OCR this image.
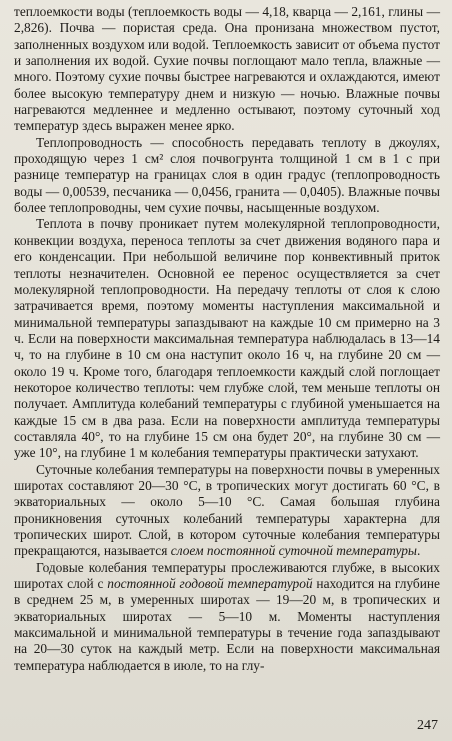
теплоемкости воды (теплоемкость воды — 4,18, кварца — 2,161, глины — 2,826). Почва — пористая среда. Она пронизана множеством пустот, заполненных воздухом или водой. Теплоемкость зависит от объема пустот и заполнения их водой. Сухие почвы поглощают мало тепла, влажные — много. Поэтому сухие почвы быстрее нагреваются и охлаждаются, имеют более высокую температуру днем и низкую — ночью. Влажные почвы нагреваются медленнее и медленно остывают, поэтому суточный ход температур здесь выражен менее ярко.

Теплопроводность — способность передавать теплоту в джоулях, проходящую через 1 см² слоя почвогрунта толщиной 1 см в 1 с при разнице температур на границах слоя в один градус (теплопроводность воды — 0,00539, песчаника — 0,0456, гранита — 0,0405). Влажные почвы более теплопроводны, чем сухие почвы, насыщенные воздухом.

Теплота в почву проникает путем молекулярной теплопроводности, конвекции воздуха, переноса теплоты за счет движения водяного пара и его конденсации. При небольшой величине пор конвективный приток теплоты незначителен. Основной ее перенос осуществляется за счет молекулярной теплопроводности. На передачу теплоты от слоя к слою затрачивается время, поэтому моменты наступления максимальной и минимальной температуры запаздывают на каждые 10 см примерно на 3 ч. Если на поверхности максимальная температура наблюдалась в 13—14 ч, то на глубине в 10 см она наступит около 16 ч, на глубине 20 см — около 19 ч. Кроме того, благодаря теплоемкости каждый слой поглощает некоторое количество теплоты: чем глубже слой, тем меньше теплоты он получает. Амплитуда колебаний температуры с глубиной уменьшается на каждые 15 см в два раза. Если на поверхности амплитуда температуры составляла 40°, то на глубине 15 см она будет 20°, на глубине 30 см — уже 10°, на глубине 1 м колебания температуры практически затухают.

Суточные колебания температуры на поверхности почвы в умеренных широтах составляют 20—30 °С, в тропических могут достигать 60 °С, в экваториальных — около 5—10 °С. Самая большая глубина проникновения суточных колебаний температуры характерна для тропических широт. Слой, в котором суточные колебания температуры прекращаются, называется слоем постоянной суточной температуры.

Годовые колебания температуры прослеживаются глубже, в высоких широтах слой с постоянной годовой температурой находится на глубине в среднем 25 м, в умеренных широтах — 19—20 м, в тропических и экваториальных широтах — 5—10 м. Моменты наступления максимальной и минимальной температуры в течение года запаздывают на 20—30 суток на каждый метр. Если на поверхности максимальная температура наблюдается в июле, то на глу-

247
